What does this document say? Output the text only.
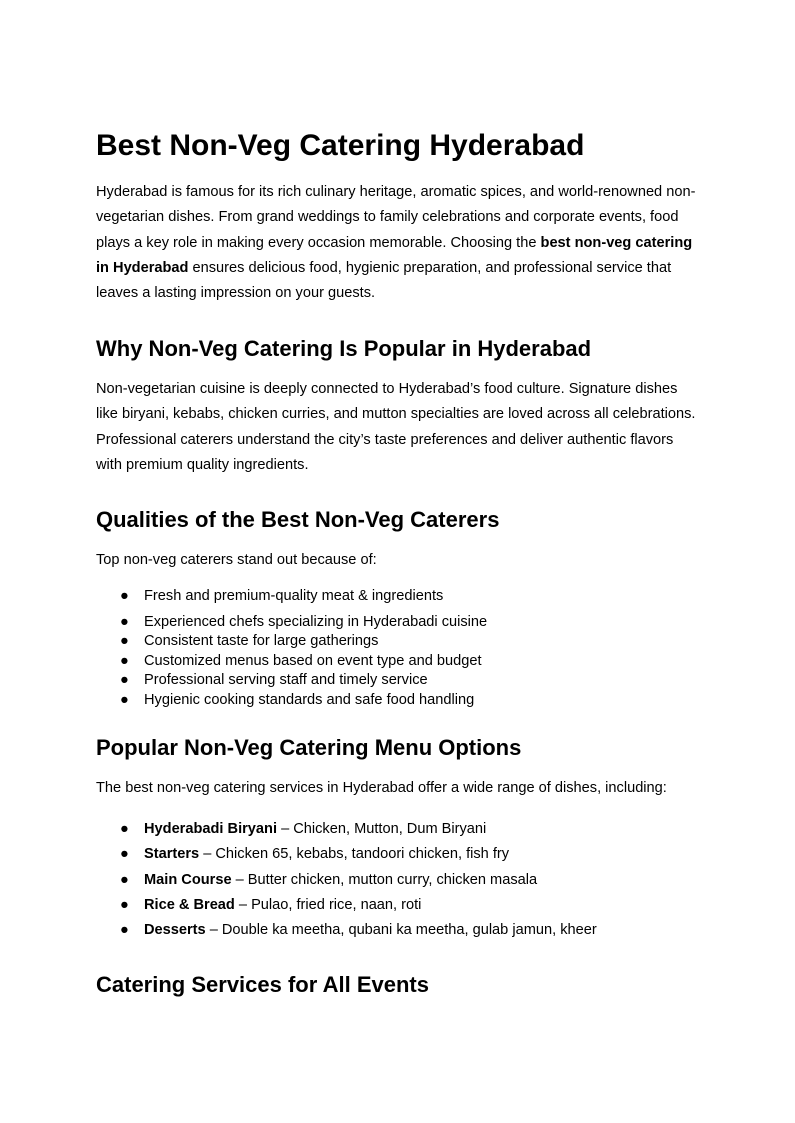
Best Non-Veg Catering Hyderabad

Hyderabad is famous for its rich culinary heritage, aromatic spices, and world-renowned non-vegetarian dishes. From grand weddings to family celebrations and corporate events, food plays a key role in making every occasion memorable. Choosing the best non-veg catering in Hyderabad ensures delicious food, hygienic preparation, and professional service that leaves a lasting impression on your guests.

Why Non-Veg Catering Is Popular in Hyderabad

Non-vegetarian cuisine is deeply connected to Hyderabad’s food culture. Signature dishes like biryani, kebabs, chicken curries, and mutton specialties are loved across all celebrations. Professional caterers understand the city’s taste preferences and deliver authentic flavors with premium quality ingredients.

Qualities of the Best Non-Veg Caterers

Top non-veg caterers stand out because of:

● Fresh and premium-quality meat & ingredients
● Experienced chefs specializing in Hyderabadi cuisine
● Consistent taste for large gatherings
● Customized menus based on event type and budget
● Professional serving staff and timely service
● Hygienic cooking standards and safe food handling
Popular Non-Veg Catering Menu Options

The best non-veg catering services in Hyderabad offer a wide range of dishes, including:

● Hyderabadi Biryani – Chicken, Mutton, Dum Biryani
● Starters – Chicken 65, kebabs, tandoori chicken, fish fry
● Main Course – Butter chicken, mutton curry, chicken masala
● Rice & Bread – Pulao, fried rice, naan, roti
● Desserts – Double ka meetha, qubani ka meetha, gulab jamun, kheer
Catering Services for All Events
